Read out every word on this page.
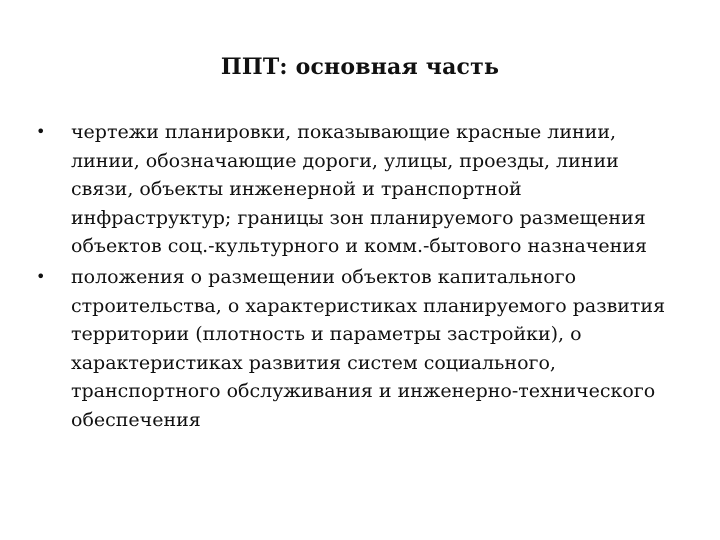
ППТ: основная часть
•	чертежи планировки, показывающие красные линии, линии, обозначающие дороги, улицы, проезды, линии связи, объекты инженерной и транспортной инфраструктур; границы зон планируемого размещения объектов соц.-культурного и комм.-бытового назначения
•	положения о размещении объектов капитального строительства, о характеристиках планируемого развития территории (плотность и параметры застройки), о характеристиках развития систем социального, транспортного обслуживания и инженерно-технического обеспечения
